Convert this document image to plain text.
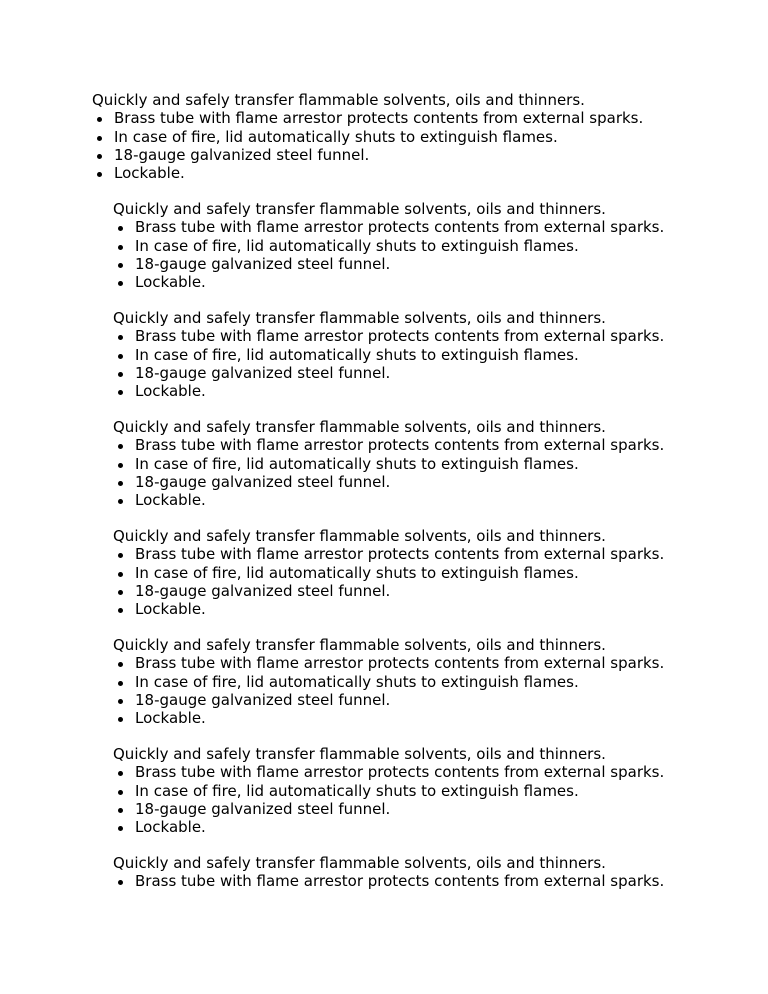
Quickly and safely transfer flammable solvents, oils and thinners.

Brass tube with flame arrestor protects contents from external sparks.
In case of fire, lid automatically shuts to extinguish flames.
18-gauge galvanized steel funnel.
Lockable.

Quickly and safely transfer flammable solvents, oils and thinners.

Brass tube with flame arrestor protects contents from external sparks.
In case of fire, lid automatically shuts to extinguish flames.
18-gauge galvanized steel funnel.
Lockable.

Quickly and safely transfer flammable solvents, oils and thinners.

Brass tube with flame arrestor protects contents from external sparks.
In case of fire, lid automatically shuts to extinguish flames.
18-gauge galvanized steel funnel.
Lockable.

Quickly and safely transfer flammable solvents, oils and thinners.

Brass tube with flame arrestor protects contents from external sparks.
In case of fire, lid automatically shuts to extinguish flames.
18-gauge galvanized steel funnel.
Lockable.

Quickly and safely transfer flammable solvents, oils and thinners.

Brass tube with flame arrestor protects contents from external sparks.
In case of fire, lid automatically shuts to extinguish flames.
18-gauge galvanized steel funnel.
Lockable.

Quickly and safely transfer flammable solvents, oils and thinners.

Brass tube with flame arrestor protects contents from external sparks.
In case of fire, lid automatically shuts to extinguish flames.
18-gauge galvanized steel funnel.
Lockable.

Quickly and safely transfer flammable solvents, oils and thinners.

Brass tube with flame arrestor protects contents from external sparks.
In case of fire, lid automatically shuts to extinguish flames.
18-gauge galvanized steel funnel.
Lockable.

Quickly and safely transfer flammable solvents, oils and thinners.

Brass tube with flame arrestor protects contents from external sparks.
